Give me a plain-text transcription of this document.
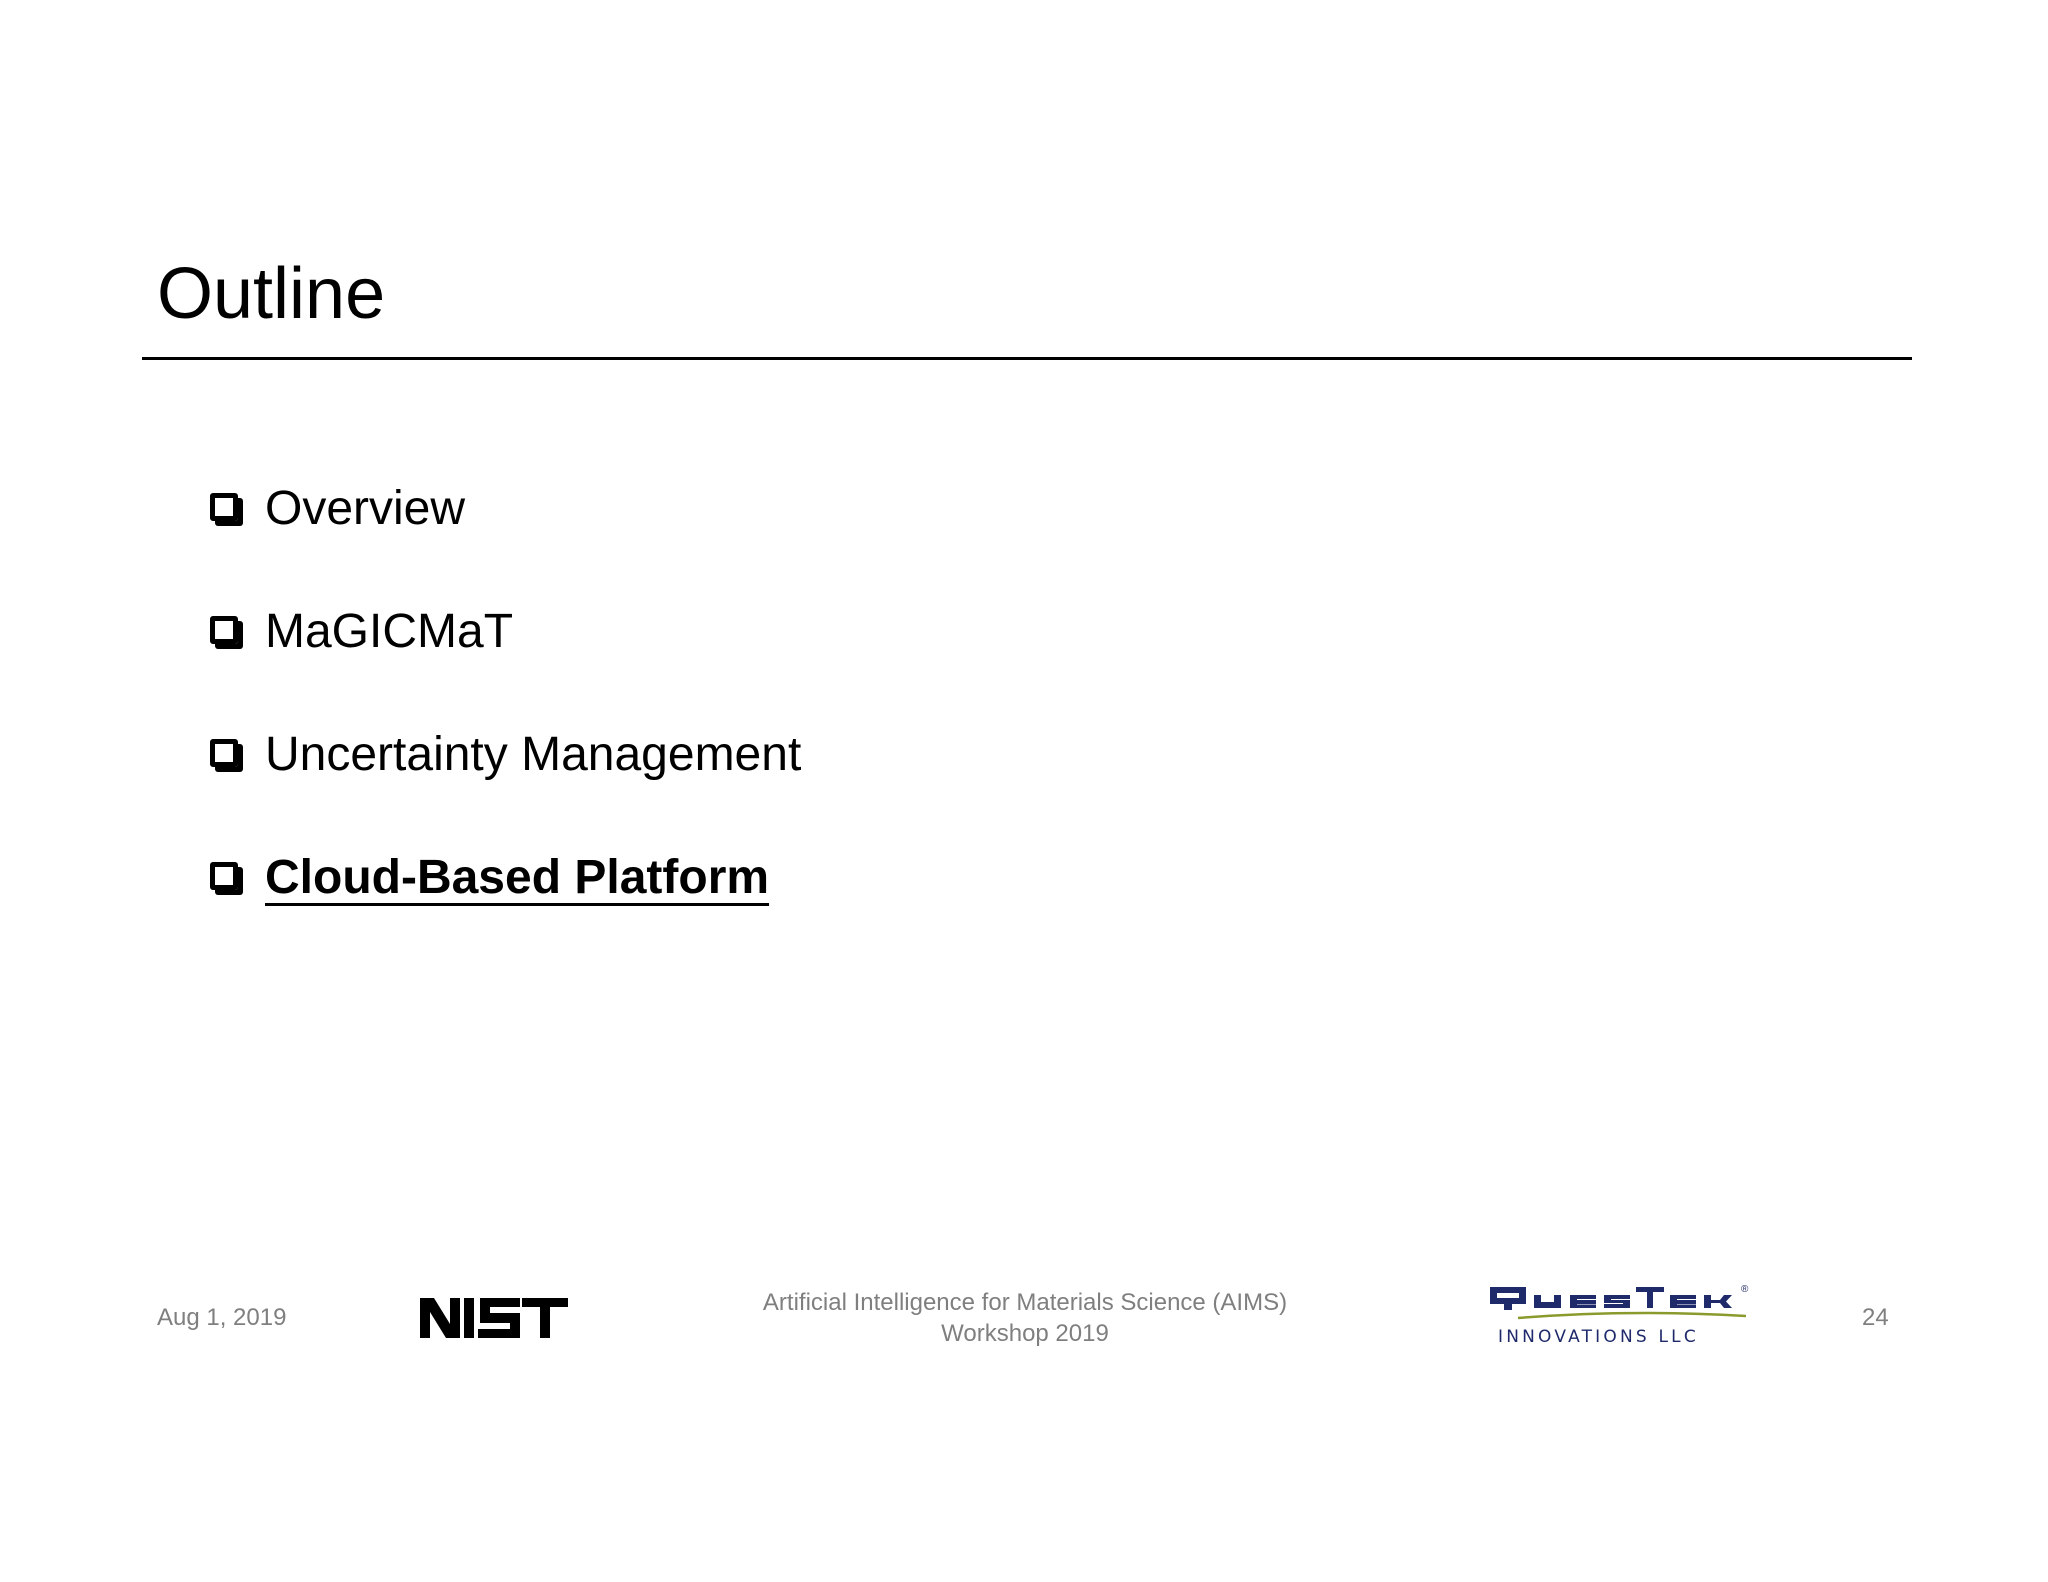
Outline
Overview
MaGICMaT
Uncertainty Management
Cloud-Based Platform
Aug 1, 2019
Artificial Intelligence for Materials Science (AIMS)
Workshop 2019
®
INNOVATIONS LLC
24
